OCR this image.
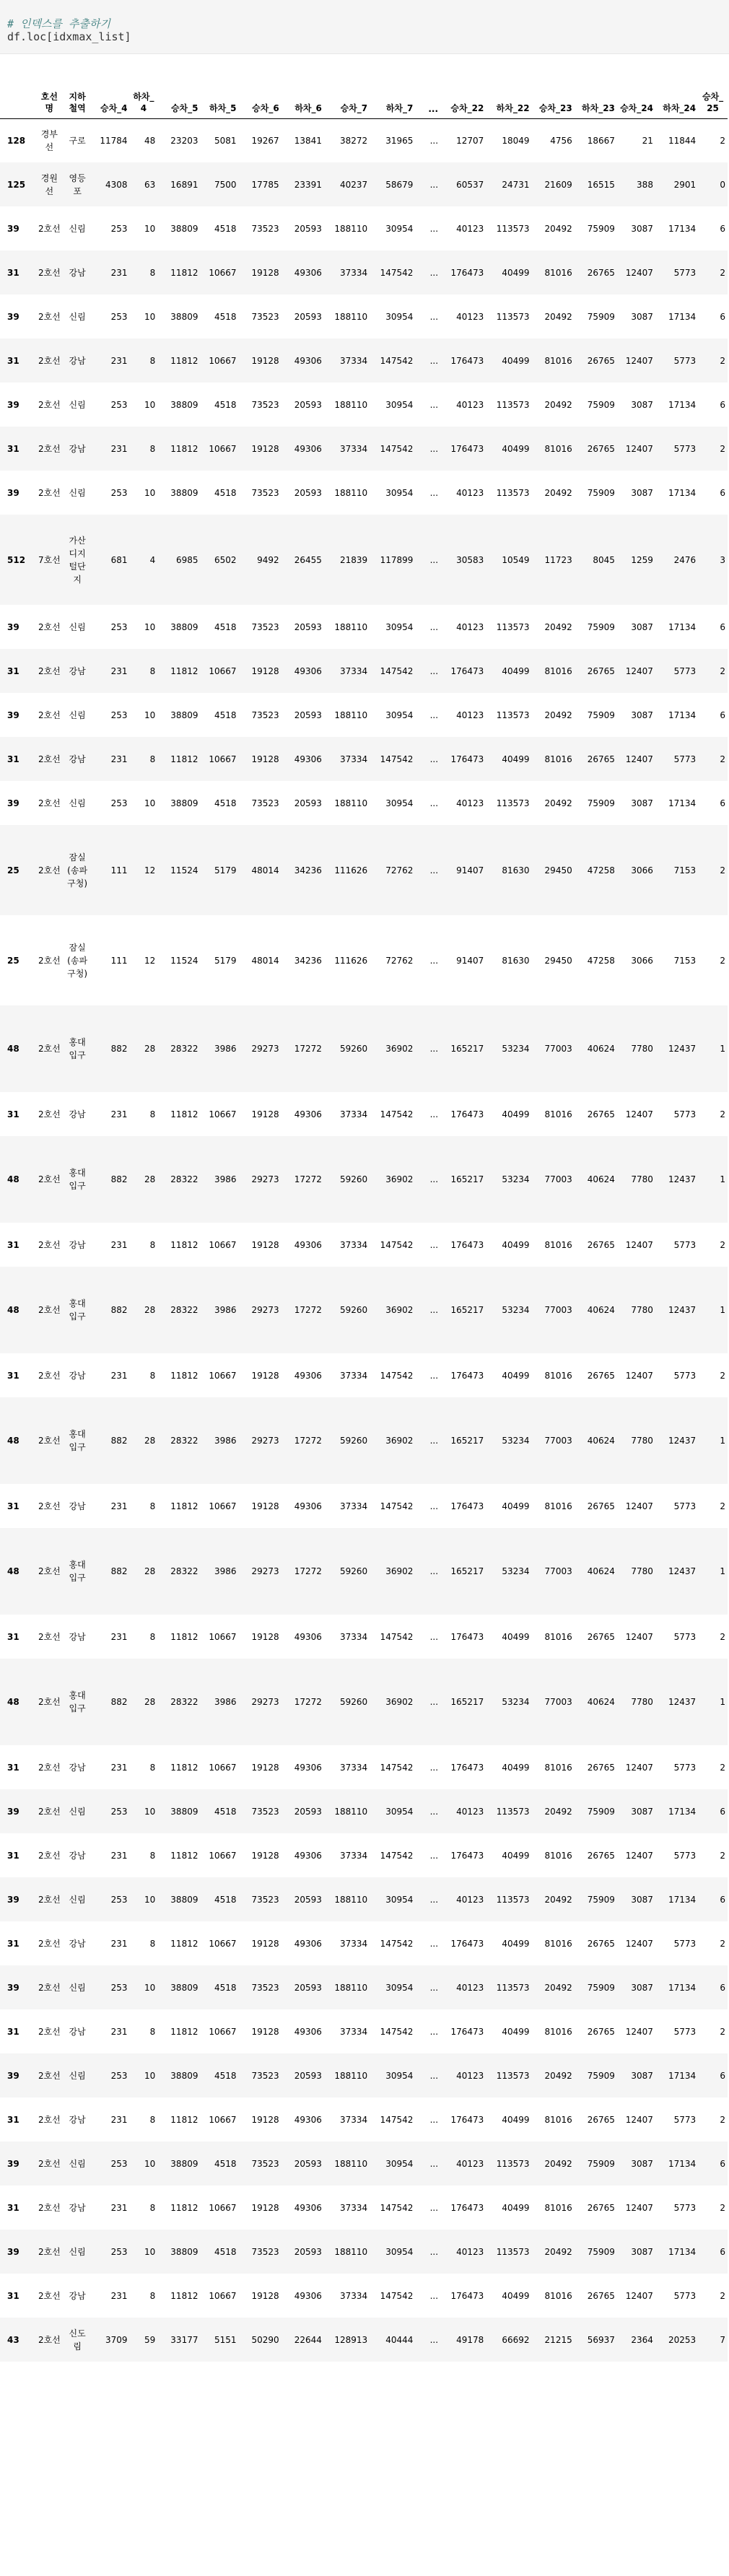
# 인덱스를 추출하기
df.loc[idxmax_list]
	호선명	지하철역	승차_4	하차_4	승차_5	하차_5	승차_6	하차_6	승차_7	하차_7	...	승차_22	하차_22	승차_23	하차_23	승차_24	하차_24	승차_25
128	경부선	구로	11784	48	23203	5081	19267	13841	38272	31965	...	12707	18049	4756	18667	21	11844	2
125	경원선	영등포	4308	63	16891	7500	17785	23391	40237	58679	...	60537	24731	21609	16515	388	2901	0
39	2호선	신림	253	10	38809	4518	73523	20593	188110	30954	...	40123	113573	20492	75909	3087	17134	6
31	2호선	강남	231	8	11812	10667	19128	49306	37334	147542	...	176473	40499	81016	26765	12407	5773	2
39	2호선	신림	253	10	38809	4518	73523	20593	188110	30954	...	40123	113573	20492	75909	3087	17134	6
31	2호선	강남	231	8	11812	10667	19128	49306	37334	147542	...	176473	40499	81016	26765	12407	5773	2
39	2호선	신림	253	10	38809	4518	73523	20593	188110	30954	...	40123	113573	20492	75909	3087	17134	6
31	2호선	강남	231	8	11812	10667	19128	49306	37334	147542	...	176473	40499	81016	26765	12407	5773	2
39	2호선	신림	253	10	38809	4518	73523	20593	188110	30954	...	40123	113573	20492	75909	3087	17134	6
512	7호선	가산디지털단지	681	4	6985	6502	9492	26455	21839	117899	...	30583	10549	11723	8045	1259	2476	3
39	2호선	신림	253	10	38809	4518	73523	20593	188110	30954	...	40123	113573	20492	75909	3087	17134	6
31	2호선	강남	231	8	11812	10667	19128	49306	37334	147542	...	176473	40499	81016	26765	12407	5773	2
39	2호선	신림	253	10	38809	4518	73523	20593	188110	30954	...	40123	113573	20492	75909	3087	17134	6
31	2호선	강남	231	8	11812	10667	19128	49306	37334	147542	...	176473	40499	81016	26765	12407	5773	2
39	2호선	신림	253	10	38809	4518	73523	20593	188110	30954	...	40123	113573	20492	75909	3087	17134	6
25	2호선	잠실(송파구청)	111	12	11524	5179	48014	34236	111626	72762	...	91407	81630	29450	47258	3066	7153	2
25	2호선	잠실(송파구청)	111	12	11524	5179	48014	34236	111626	72762	...	91407	81630	29450	47258	3066	7153	2
48	2호선	홍대입구	882	28	28322	3986	29273	17272	59260	36902	...	165217	53234	77003	40624	7780	12437	1
31	2호선	강남	231	8	11812	10667	19128	49306	37334	147542	...	176473	40499	81016	26765	12407	5773	2
48	2호선	홍대입구	882	28	28322	3986	29273	17272	59260	36902	...	165217	53234	77003	40624	7780	12437	1
31	2호선	강남	231	8	11812	10667	19128	49306	37334	147542	...	176473	40499	81016	26765	12407	5773	2
48	2호선	홍대입구	882	28	28322	3986	29273	17272	59260	36902	...	165217	53234	77003	40624	7780	12437	1
31	2호선	강남	231	8	11812	10667	19128	49306	37334	147542	...	176473	40499	81016	26765	12407	5773	2
48	2호선	홍대입구	882	28	28322	3986	29273	17272	59260	36902	...	165217	53234	77003	40624	7780	12437	1
31	2호선	강남	231	8	11812	10667	19128	49306	37334	147542	...	176473	40499	81016	26765	12407	5773	2
48	2호선	홍대입구	882	28	28322	3986	29273	17272	59260	36902	...	165217	53234	77003	40624	7780	12437	1
31	2호선	강남	231	8	11812	10667	19128	49306	37334	147542	...	176473	40499	81016	26765	12407	5773	2
48	2호선	홍대입구	882	28	28322	3986	29273	17272	59260	36902	...	165217	53234	77003	40624	7780	12437	1
31	2호선	강남	231	8	11812	10667	19128	49306	37334	147542	...	176473	40499	81016	26765	12407	5773	2
39	2호선	신림	253	10	38809	4518	73523	20593	188110	30954	...	40123	113573	20492	75909	3087	17134	6
31	2호선	강남	231	8	11812	10667	19128	49306	37334	147542	...	176473	40499	81016	26765	12407	5773	2
39	2호선	신림	253	10	38809	4518	73523	20593	188110	30954	...	40123	113573	20492	75909	3087	17134	6
31	2호선	강남	231	8	11812	10667	19128	49306	37334	147542	...	176473	40499	81016	26765	12407	5773	2
39	2호선	신림	253	10	38809	4518	73523	20593	188110	30954	...	40123	113573	20492	75909	3087	17134	6
31	2호선	강남	231	8	11812	10667	19128	49306	37334	147542	...	176473	40499	81016	26765	12407	5773	2
39	2호선	신림	253	10	38809	4518	73523	20593	188110	30954	...	40123	113573	20492	75909	3087	17134	6
31	2호선	강남	231	8	11812	10667	19128	49306	37334	147542	...	176473	40499	81016	26765	12407	5773	2
39	2호선	신림	253	10	38809	4518	73523	20593	188110	30954	...	40123	113573	20492	75909	3087	17134	6
31	2호선	강남	231	8	11812	10667	19128	49306	37334	147542	...	176473	40499	81016	26765	12407	5773	2
39	2호선	신림	253	10	38809	4518	73523	20593	188110	30954	...	40123	113573	20492	75909	3087	17134	6
31	2호선	강남	231	8	11812	10667	19128	49306	37334	147542	...	176473	40499	81016	26765	12407	5773	2
43	2호선	신도림	3709	59	33177	5151	50290	22644	128913	40444	...	49178	66692	21215	56937	2364	20253	7
